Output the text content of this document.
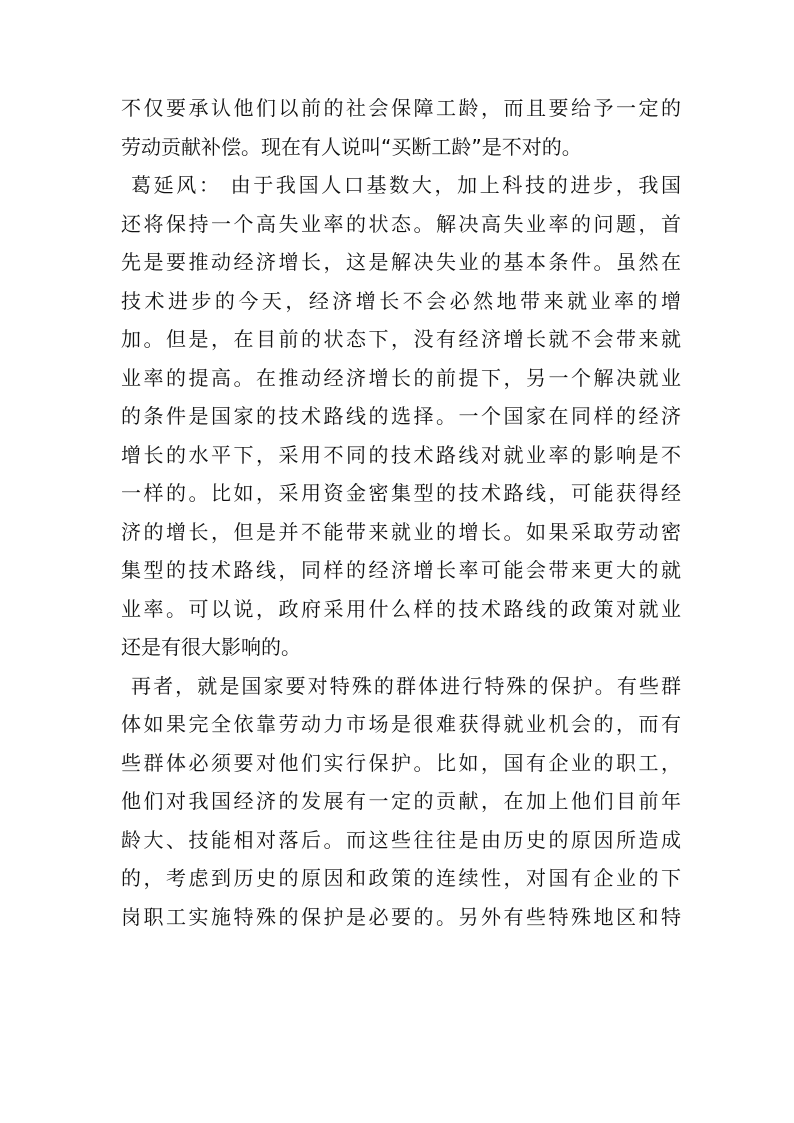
不仅要承认他们以前的社会保障工龄，而且要给予一定的
劳动贡献补偿。现在有人说叫“买断工龄”是不对的。
葛延风： 由于我国人口基数大，加上科技的进步，我国
还将保持一个高失业率的状态。解决高失业率的问题，首
先是要推动经济增长，这是解决失业的基本条件。虽然在
技术进步的今天，经济增长不会必然地带来就业率的增
加。但是，在目前的状态下，没有经济增长就不会带来就
业率的提高。在推动经济增长的前提下，另一个解决就业
的条件是国家的技术路线的选择。一个国家在同样的经济
增长的水平下，采用不同的技术路线对就业率的影响是不
一样的。比如，采用资金密集型的技术路线，可能获得经
济的增长，但是并不能带来就业的增长。如果采取劳动密
集型的技术路线，同样的经济增长率可能会带来更大的就
业率。可以说，政府采用什么样的技术路线的政策对就业
还是有很大影响的。
再者，就是国家要对特殊的群体进行特殊的保护。有些群
体如果完全依靠劳动力市场是很难获得就业机会的，而有
些群体必须要对他们实行保护。比如，国有企业的职工，
他们对我国经济的发展有一定的贡献，在加上他们目前年
龄大、技能相对落后。而这些往往是由历史的原因所造成
的，考虑到历史的原因和政策的连续性，对国有企业的下
岗职工实施特殊的保护是必要的。另外有些特殊地区和特
